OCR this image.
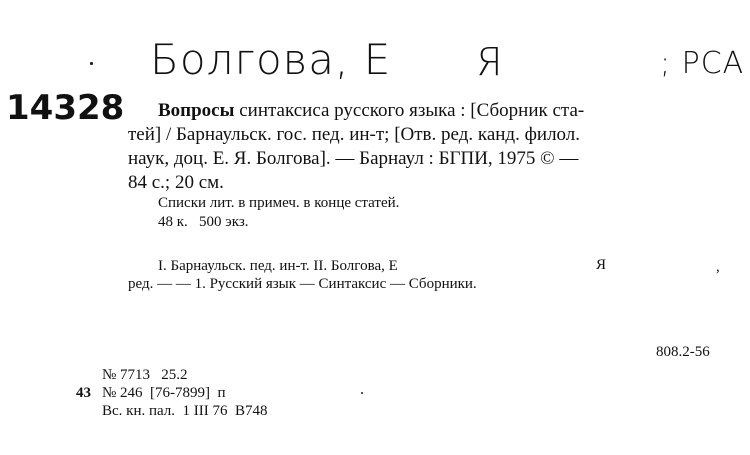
Болгова, Е Я	; РСА
14328 Вопросы синтаксиса русского языка : [Сборник ста-
тей] / Барнаульск. гос. пед. ин-т; [Отв. ред. канд. филол.
наук, доц. Е. Я. Болгова]. — Барнаул : БГПИ, 1975 © —
84 с.; 20 см.
Списки лит. в примеч. в конце статей.
48 к.   500 экз.
I. Барнаульск. пед. ин-т. II. Болгова, Е	Я	,
ред. — — 1. Русский язык — Синтаксис — Сборники.
808.2-56
№ 7713   25.2
43 № 246  [76-7899]  п
Вс. кн. пал.  1 III 76  В748
